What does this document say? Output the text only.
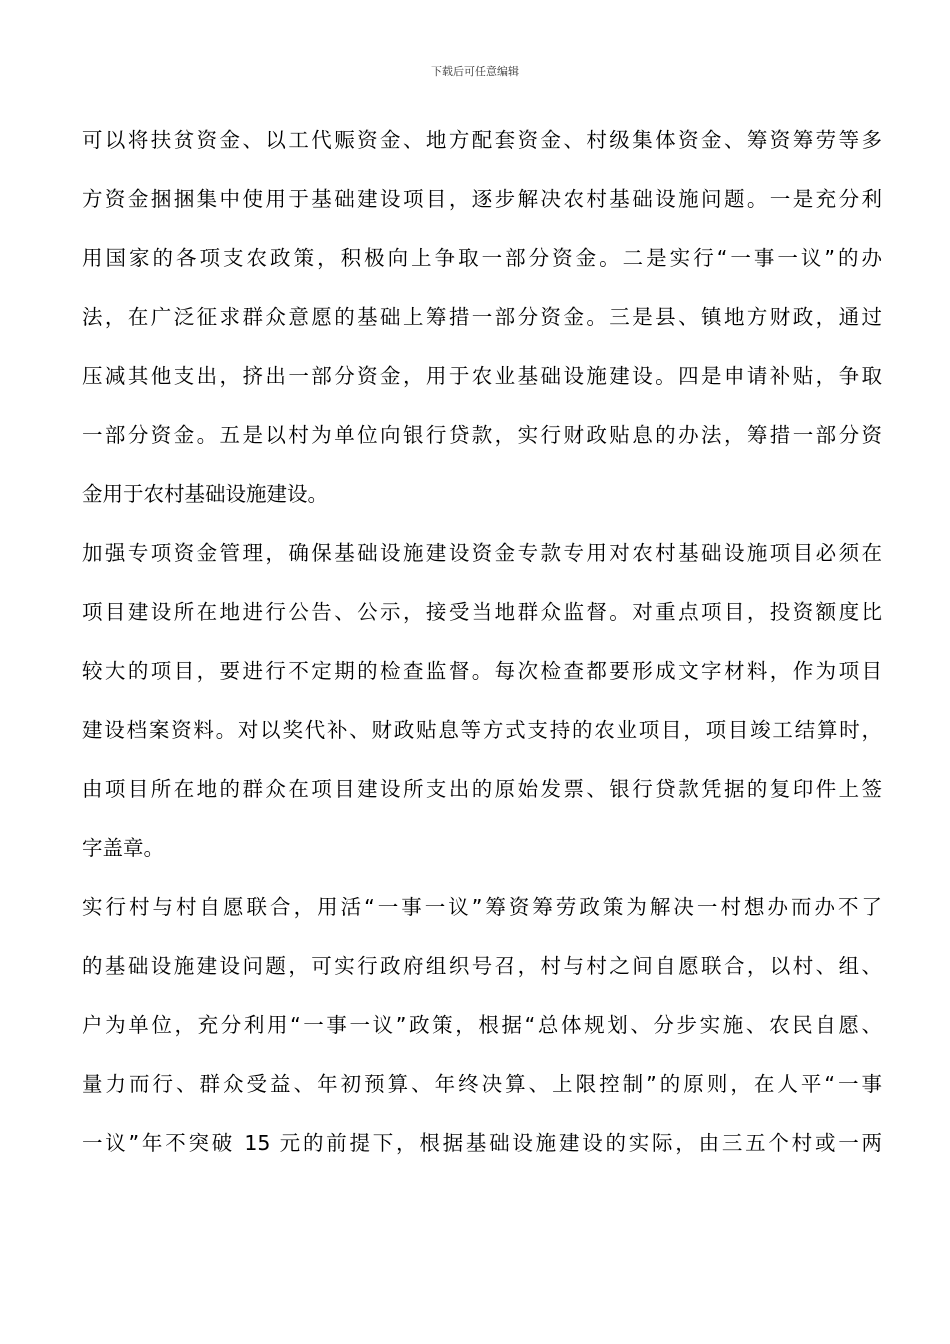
下载后可任意编辑
可以将扶贫资金、以工代赈资金、地方配套资金、村级集体资金、筹资筹劳等多
方资金捆捆集中使用于基础建设项目，逐步解决农村基础设施问题。一是充分利
用国家的各项支农政策，积极向上争取一部分资金。二是实行“一事一议”的办
法，在广泛征求群众意愿的基础上筹措一部分资金。三是县、镇地方财政，通过
压减其他支出，挤出一部分资金，用于农业基础设施建设。四是申请补贴，争取
一部分资金。五是以村为单位向银行贷款，实行财政贴息的办法，筹措一部分资
金用于农村基础设施建设。
加强专项资金管理，确保基础设施建设资金专款专用对农村基础设施项目必须在
项目建设所在地进行公告、公示，接受当地群众监督。对重点项目，投资额度比
较大的项目，要进行不定期的检查监督。每次检查都要形成文字材料，作为项目
建设档案资料。对以奖代补、财政贴息等方式支持的农业项目，项目竣工结算时，
由项目所在地的群众在项目建设所支出的原始发票、银行贷款凭据的复印件上签
字盖章。
实行村与村自愿联合，用活“一事一议”筹资筹劳政策为解决一村想办而办不了
的基础设施建设问题，可实行政府组织号召，村与村之间自愿联合，以村、组、
户为单位，充分利用“一事一议”政策，根据“总体规划、分步实施、农民自愿、
量力而行、群众受益、年初预算、年终决算、上限控制”的原则，在人平“一事
一议”年不突破 15 元的前提下，根据基础设施建设的实际，由三五个村或一两
